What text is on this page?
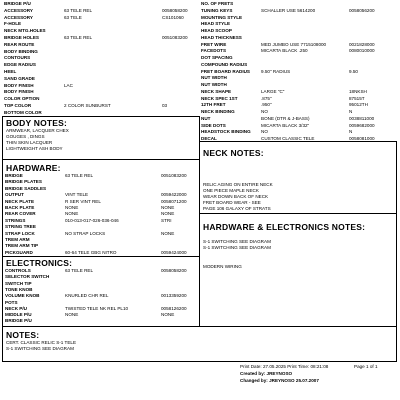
BRIDGE P/U
ACCESSORY	63 TELE REL	0058058200
ACCESSORY	63 TELE	CS101060
F-HOLE
NECK MTG.HOLES
BRIDGE HOLES	63 TELE REL	0051083200
REAR ROUTE
BODY BINDING
CONTOURS
EDGE RADIUS
HEEL
SAND GRADE
BODY FINISH	LAC
BODY FINISH
COLOR OPTION
TOP COLOR	2 COLOR SUNBURST	03
BOTTOM COLOR
NO. OF FRETS
TUNING KEYS	SCHALLER USE 5614200	0058056200
MOUNTING STYLE
HEAD STYLE
HEAD SCOOP
HEAD THICKNESS
FRET WIRE	MED JUMBO USE 7715108000	0021828000
FACEDOTS	MICARTA BLACK .250	0080010000
DOT SPACING
COMPOUND RADIUS
FRET BOARD RADIUS 9.50" RADIUS	9.50
NUT WIDTH
NUT WIDTH
NECK SHAPE	LARGE "C"	18NKSH
NECK SPEC 1ST	.875"	87515T
12TH FRET	.950"	95012TH
NECK BINDING	NO	N
NUT	BONE (DTR & J-BASS)	0038811000
SIDE DOTS	MICARTA BLACK 3/32"	0059682000
HEADSTOCK BINDING NO	N
DECAL	CUSTOM CLASSIC TELE	0058081000
BODY NOTES:
ARMWEAR, LACQUER CHEX
GOUGES , DINGS
THIN SKIN LACQUER
LIGHTWEIGHT ASH BODY
HARDWARE:
BRIDGE	63 TELE REL	0051083200
BRIDGE PLATES
BRIDGE SADDLES
OUTPUT	VINT TELE	0059422000
NECK PLATE	R SER VINT REL	0058071200
BACK PLATE	NONE	NONE
REAR COVER	NONE	NONE
STRINGS	010-013-017-026-036-046	STRI
STRING TREE
STRAP LOCK	NO STRAP LOCKS	NONE
TREM ARM
TREM ARM TIP
PICKGUARD	60-64 TELE GBG NITRO	0059424000
ELECTRONICS:
CONTROLS	63 TELE REL	0058058200
SELECTOR SWITCH
SWITCH TIP
TONE KNOB
VOLUME KNOB	KNURLED CHR REL	0013359200
POTS
NECK P/U	TWISTED TELE NK REL PL10	0058126200
MIDDLE P/U	NONE	NONE
BRIDGE P/U
NECK NOTES:
RELIC AGING ON ENTIRE NECK
ONE PIECE MAPLE NECK
WEAR DOWN BACK OF NECK
FRET BOARD WEAR - SEE
PAGE 106 GALAXY OF STRATS
HARDWARE & ELECTRONICS NOTES:
S-1 SWITCHING SEE DIAGRAM
S-1 SWITCHING SEE DIAGRAM
MODERN WIRING
NOTES:
CERT. CLASSIC RELIC S-1 TELE
S-1 SWITCHING SEE DIAGRAM
Print Date: 27.05.2025 Print Time: 08:21:08	Page 1 of 1
Created by: JREYNOSO
Changed by: JREYNOSO 25.07.2007
